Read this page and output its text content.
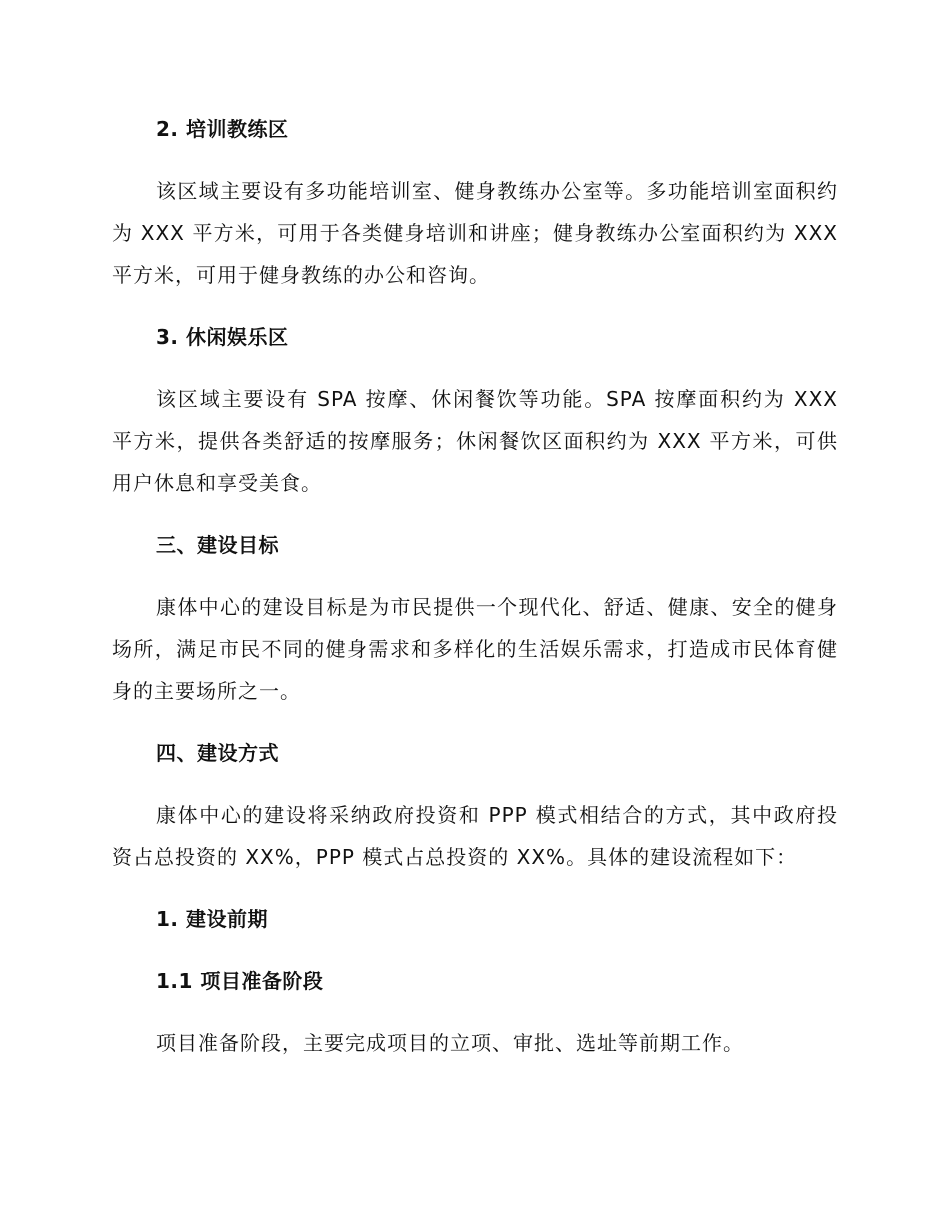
2. 培训教练区

该区域主要设有多功能培训室、健身教练办公室等。多功能培训室面积约为 XXX 平方米，可用于各类健身培训和讲座；健身教练办公室面积约为 XXX 平方米，可用于健身教练的办公和咨询。

3. 休闲娱乐区

该区域主要设有 SPA 按摩、休闲餐饮等功能。SPA 按摩面积约为 XXX 平方米，提供各类舒适的按摩服务；休闲餐饮区面积约为 XXX 平方米，可供用户休息和享受美食。

三、建设目标

康体中心的建设目标是为市民提供一个现代化、舒适、健康、安全的健身场所，满足市民不同的健身需求和多样化的生活娱乐需求，打造成市民体育健身的主要场所之一。

四、建设方式

康体中心的建设将采纳政府投资和 PPP 模式相结合的方式，其中政府投资占总投资的 XX%，PPP 模式占总投资的 XX%。具体的建设流程如下：

1. 建设前期

1.1 项目准备阶段

项目准备阶段，主要完成项目的立项、审批、选址等前期工作。
